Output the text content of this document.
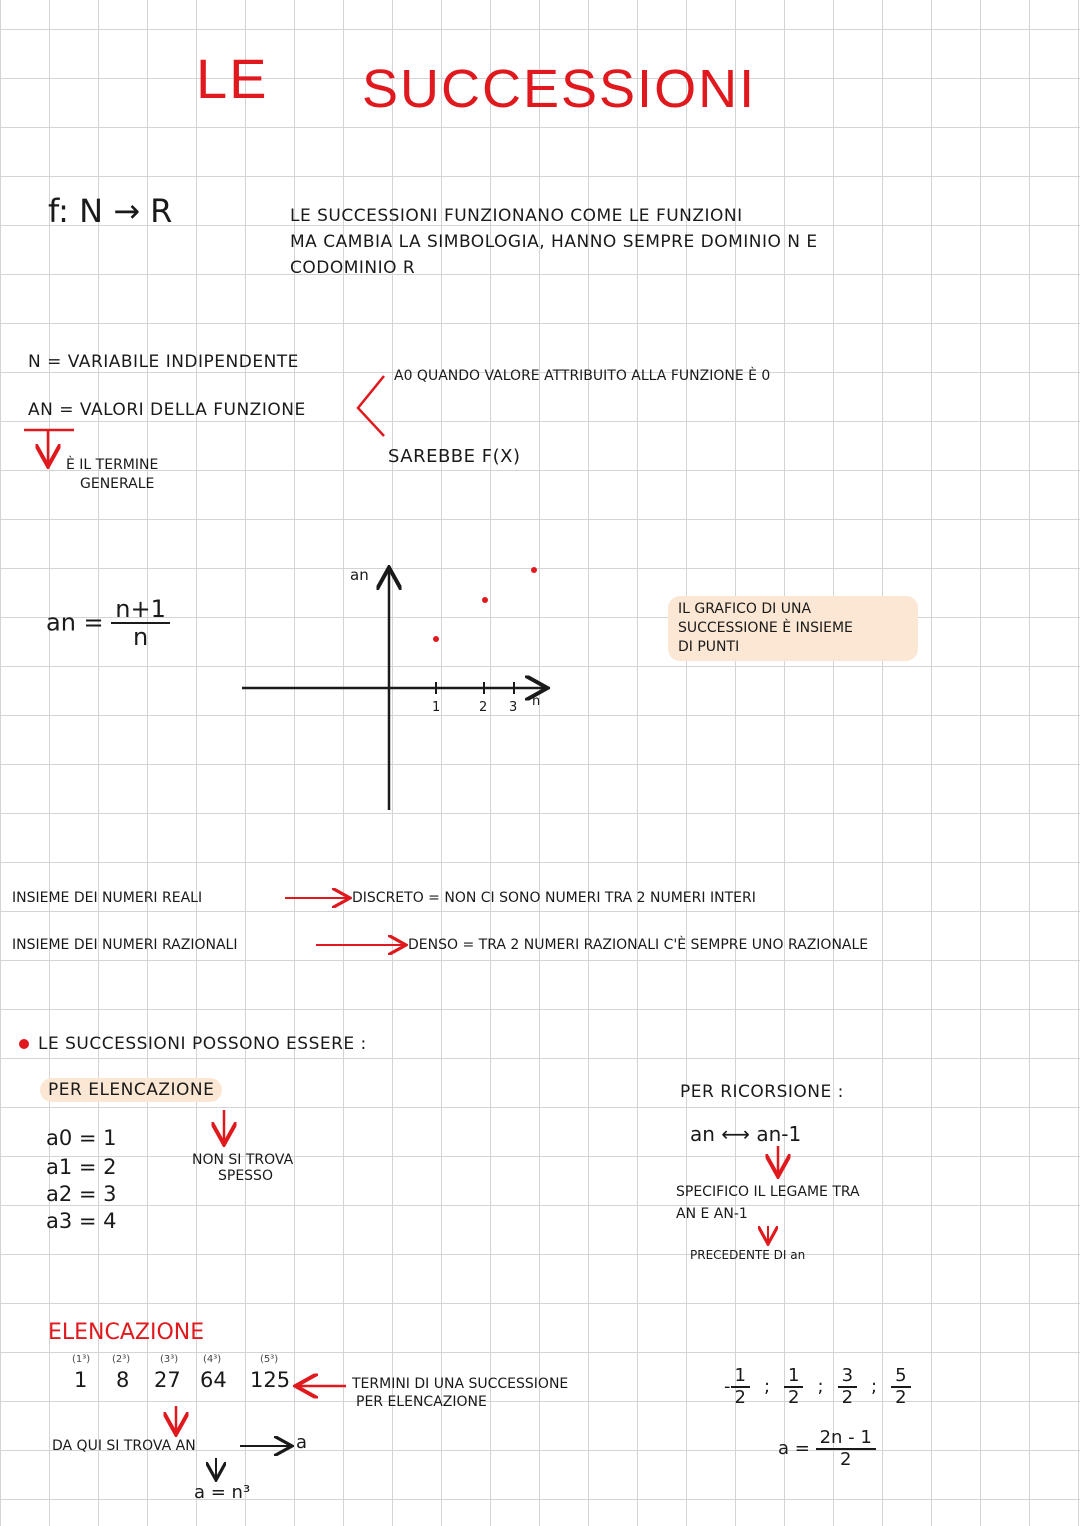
LE SUCCESSIONI
f: N → R	LE SUCCESSIONI FUNZIONANO COME LE FUNZIONI
MA CAMBIA LA SIMBOLOGIA, HANNO SEMPRE DOMINIO N E
CODOMINIO R
N = VARIABILE INDIPENDENTE
AN = VALORI DELLA FUNZIONE
È IL TERMINE
GENERALE
A0 QUANDO VALORE ATTRIBUITO ALLA FUNZIONE È 0
SAREBBE F(X)
an = $\frac{n+1}{n}$
an
n
1	2 3
IL GRAFICO DI UNA
SUCCESSIONE È INSIEME
DI PUNTI
INSIEME DEI NUMERI REALI	DISCRETO = NON CI SONO NUMERI TRA 2 NUMERI INTERI
INSIEME DEI NUMERI RAZIONALI	DENSO = TRA 2 NUMERI RAZIONALI C'È SEMPRE UNO RAZIONALE
LE SUCCESSIONI POSSONO ESSERE :
PER ELENCAZIONE
a0 = 1
a1 = 2
a2 = 3
a3 = 4
NON SI TROVA
SPESSO
PER RICORSIONE :
an ⟷ an-1
SPECIFICO IL LEGAME TRA
AN E AN-1
PRECEDENTE DI an
ELENCAZIONE
(1³) (2³)	(3³) (4³)	(5³)
1 8 27 64 125	TERMINI DI UNA SUCCESSIONE
PER ELENCAZIONE
DA QUI SI TROVA AN	a
a = n³
- $\frac{1}{2}$ ; $\frac{1}{2}$ ; $\frac{3}{2}$ ; $\frac{5}{2}$
$a = \frac{2n - 1}{2}$
